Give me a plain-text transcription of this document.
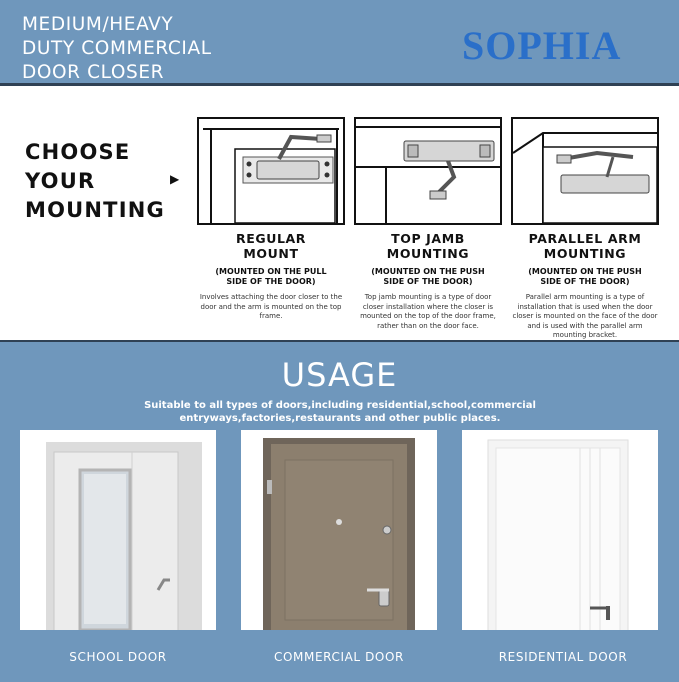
MEDIUM/HEAVY
DUTY COMMERCIAL
DOOR CLOSER
SOPHIA
CHOOSE
YOUR
MOUNTING
▶
REGULAR
MOUNT
(MOUNTED ON THE PULL
SIDE OF THE DOOR)
Involves attaching the door closer to the door and the arm is mounted on the top frame.
TOP JAMB
MOUNTING
(MOUNTED ON THE PUSH
SIDE OF THE DOOR)
Top jamb mounting is a type of door closer installation where the closer is mounted on the top of the door frame, rather than on the door face.
PARALLEL ARM
MOUNTING
(MOUNTED ON THE PUSH
SIDE OF THE DOOR)
Parallel arm mounting is a type of installation that is used when the door closer is mounted on the face of the door and is used with the parallel arm mounting bracket.
USAGE
Suitable to all types of doors,including residential,school,commercial entryways,factories,restaurants and other public places.
SCHOOL DOOR	COMMERCIAL DOOR	RESIDENTIAL DOOR
